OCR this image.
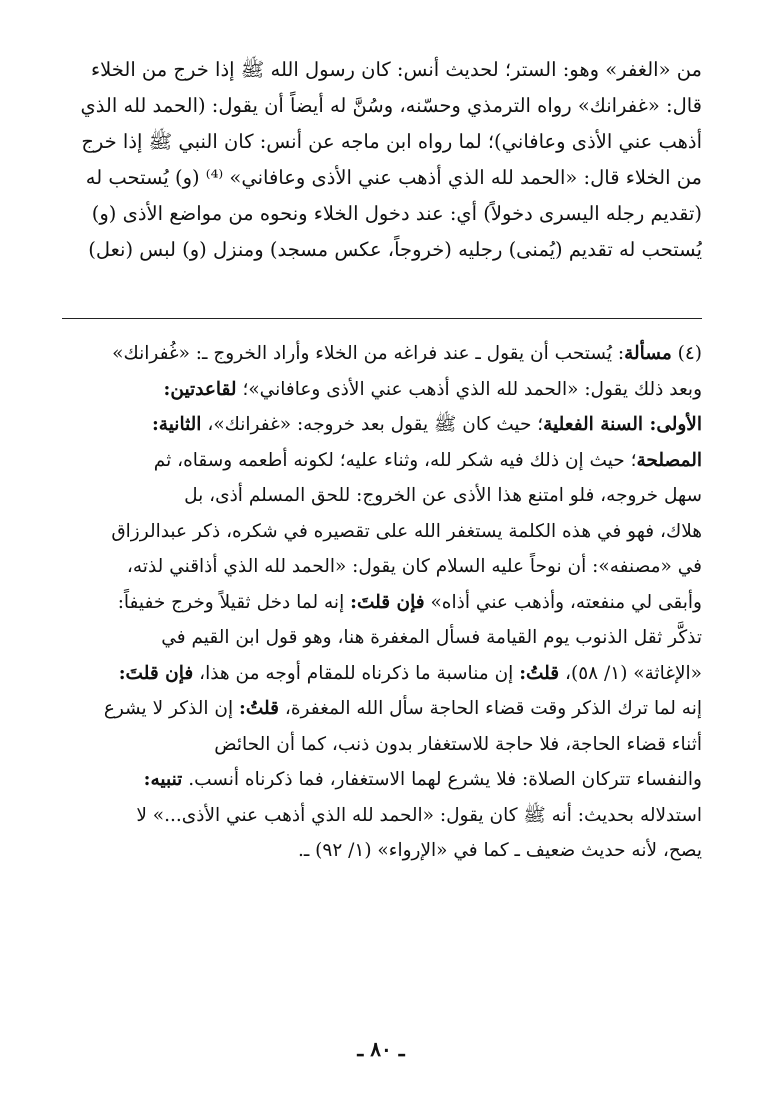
من «الغفر» وهو: الستر؛ لحديث أنس: كان رسول الله ﷺ إذا خرج من الخلاء
قال: «غفرانك» رواه الترمذي وحسّنه، وسُنَّ له أيضاً أن يقول: (الحمد لله الذي
أذهب عني الأذى وعافاني)؛ لما رواه ابن ماجه عن أنس: كان النبي ﷺ إذا خرج
من الخلاء قال: «الحمد لله الذي أذهب عني الأذى وعافاني» ⁽⁴⁾ (و) يُستحب له
(تقديم رجله اليسرى دخولاً) أي: عند دخول الخلاء ونحوه من مواضع الأذى (و)
يُستحب له تقديم (يُمنى) رجليه (خروجاً، عكس مسجد) ومنزل (و) لبس (نعل)
(٤) مسألة: يُستحب أن يقول ـ عند فراغه من الخلاء وأراد الخروج ـ: «غُفرانك»
وبعد ذلك يقول: «الحمد لله الذي أذهب عني الأذى وعافاني»؛ لقاعدتين:
الأولى: السنة الفعلية؛ حيث كان ﷺ يقول بعد خروجه: «غفرانك»، الثانية:
المصلحة؛ حيث إن ذلك فيه شكر لله، وثناء عليه؛ لكونه أطعمه وسقاه، ثم
سهل خروجه، فلو امتنع هذا الأذى عن الخروج: للحق المسلم أذى، بل
هلاك، فهو في هذه الكلمة يستغفر الله على تقصيره في شكره، ذكر عبدالرزاق
في «مصنفه»: أن نوحاً عليه السلام كان يقول: «الحمد لله الذي أذاقني لذته،
وأبقى لي منفعته، وأذهب عني أذاه» فإن قلتَ: إنه لما دخل ثقيلاً وخرج خفيفاً:
تذكَّر ثقل الذنوب يوم القيامة فسأل المغفرة هنا، وهو قول ابن القيم في
«الإغاثة» (١/ ٥٨)، قلتُ: إن مناسبة ما ذكرناه للمقام أوجه من هذا، فإن قلتَ:
إنه لما ترك الذكر وقت قضاء الحاجة سأل الله المغفرة، قلتُ: إن الذكر لا يشرع
أثناء قضاء الحاجة، فلا حاجة للاستغفار بدون ذنب، كما أن الحائض
والنفساء تتركان الصلاة: فلا يشرع لهما الاستغفار، فما ذكرناه أنسب. تنبيه:
استدلاله بحديث: أنه ﷺ كان يقول: «الحمد لله الذي أذهب عني الأذى...» لا
يصح، لأنه حديث ضعيف ـ كما في «الإرواء» (١/ ٩٢) ـ.
ـ ٨٠ ـ
